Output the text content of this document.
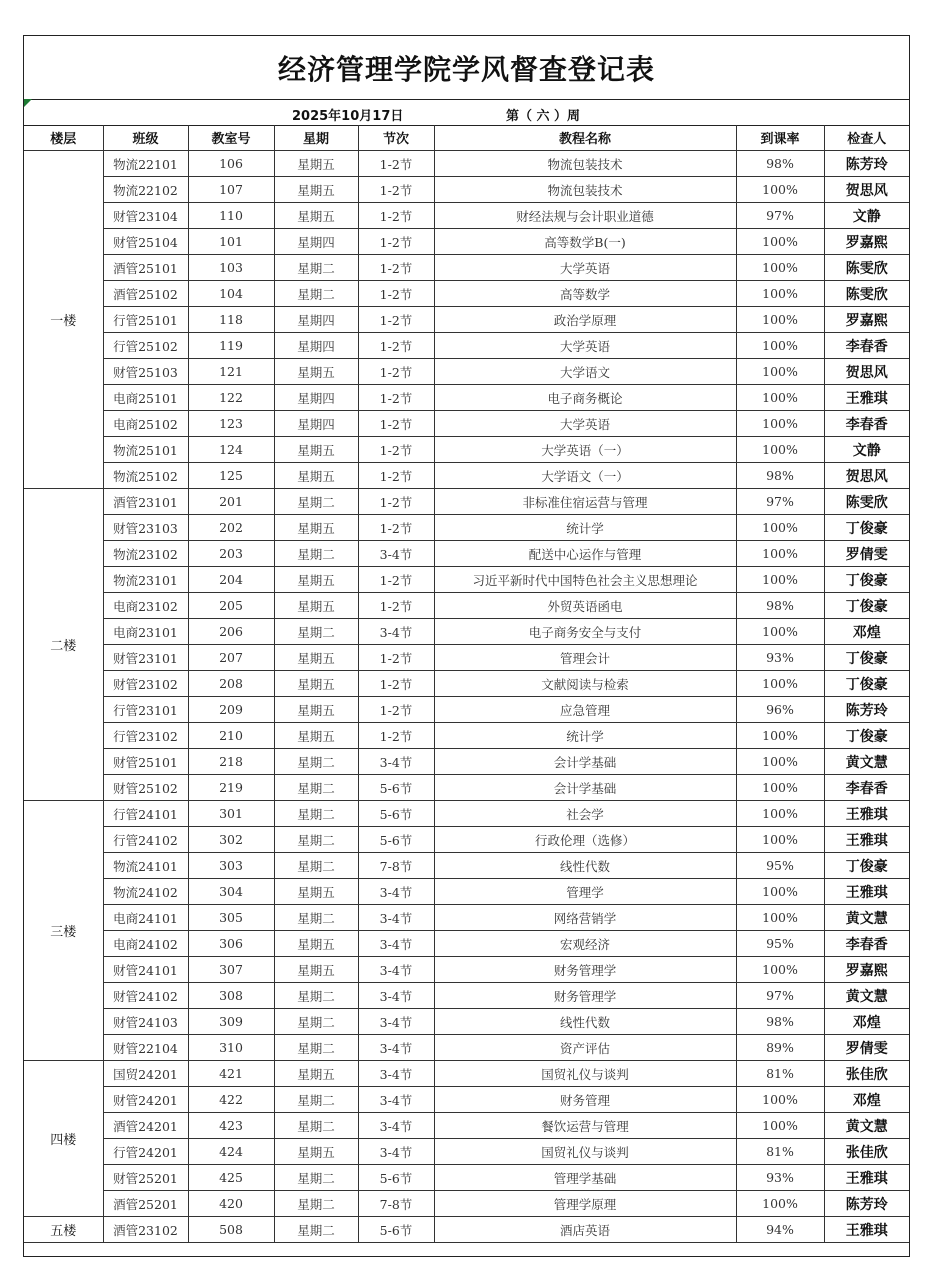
经济管理学院学风督查登记表
2025年10月17日	第（ 六 ）周
楼层	班级	教室号	星期	节次	教程名称	到课率	检查人
一楼	物流22101	106	星期五	1-2节	物流包装技术	98%	陈芳玲
	物流22102	107	星期五	1-2节	物流包装技术	100%	贺思风
	财管23104	110	星期五	1-2节	财经法规与会计职业道德	97%	文静
	财管25104	101	星期四	1-2节	高等数学B(一)	100%	罗嘉熙
	酒管25101	103	星期二	1-2节	大学英语	100%	陈雯欣
	酒管25102	104	星期二	1-2节	高等数学	100%	陈雯欣
	行管25101	118	星期四	1-2节	政治学原理	100%	罗嘉熙
	行管25102	119	星期四	1-2节	大学英语	100%	李春香
	财管25103	121	星期五	1-2节	大学语文	100%	贺思风
	电商25101	122	星期四	1-2节	电子商务概论	100%	王雅琪
	电商25102	123	星期四	1-2节	大学英语	100%	李春香
	物流25101	124	星期五	1-2节	大学英语（一）	100%	文静
	物流25102	125	星期五	1-2节	大学语文（一）	98%	贺思风
二楼	酒管23101	201	星期二	1-2节	非标准住宿运营与管理	97%	陈雯欣
	财管23103	202	星期五	1-2节	统计学	100%	丁俊豪
	物流23102	203	星期二	3-4节	配送中心运作与管理	100%	罗倩雯
	物流23101	204	星期五	1-2节	习近平新时代中国特色社会主义思想理论	100%	丁俊豪
	电商23102	205	星期五	1-2节	外贸英语函电	98%	丁俊豪
	电商23101	206	星期二	3-4节	电子商务安全与支付	100%	邓煌
	财管23101	207	星期五	1-2节	管理会计	93%	丁俊豪
	财管23102	208	星期五	1-2节	文献阅读与检索	100%	丁俊豪
	行管23101	209	星期五	1-2节	应急管理	96%	陈芳玲
	行管23102	210	星期五	1-2节	统计学	100%	丁俊豪
	财管25101	218	星期二	3-4节	会计学基础	100%	黄文慧
	财管25102	219	星期二	5-6节	会计学基础	100%	李春香
三楼	行管24101	301	星期二	5-6节	社会学	100%	王雅琪
	行管24102	302	星期二	5-6节	行政伦理（选修）	100%	王雅琪
	物流24101	303	星期二	7-8节	线性代数	95%	丁俊豪
	物流24102	304	星期五	3-4节	管理学	100%	王雅琪
	电商24101	305	星期二	3-4节	网络营销学	100%	黄文慧
	电商24102	306	星期五	3-4节	宏观经济	95%	李春香
	财管24101	307	星期五	3-4节	财务管理学	100%	罗嘉熙
	财管24102	308	星期二	3-4节	财务管理学	97%	黄文慧
	财管24103	309	星期二	3-4节	线性代数	98%	邓煌
	财管22104	310	星期二	3-4节	资产评估	89%	罗倩雯
四楼	国贸24201	421	星期五	3-4节	国贸礼仪与谈判	81%	张佳欣
	财管24201	422	星期二	3-4节	财务管理	100%	邓煌
	酒管24201	423	星期二	3-4节	餐饮运营与管理	100%	黄文慧
	行管24201	424	星期五	3-4节	国贸礼仪与谈判	81%	张佳欣
	财管25201	425	星期二	5-6节	管理学基础	93%	王雅琪
	酒管25201	420	星期二	7-8节	管理学原理	100%	陈芳玲
五楼	酒管23102	508	星期二	5-6节	酒店英语	94%	王雅琪
